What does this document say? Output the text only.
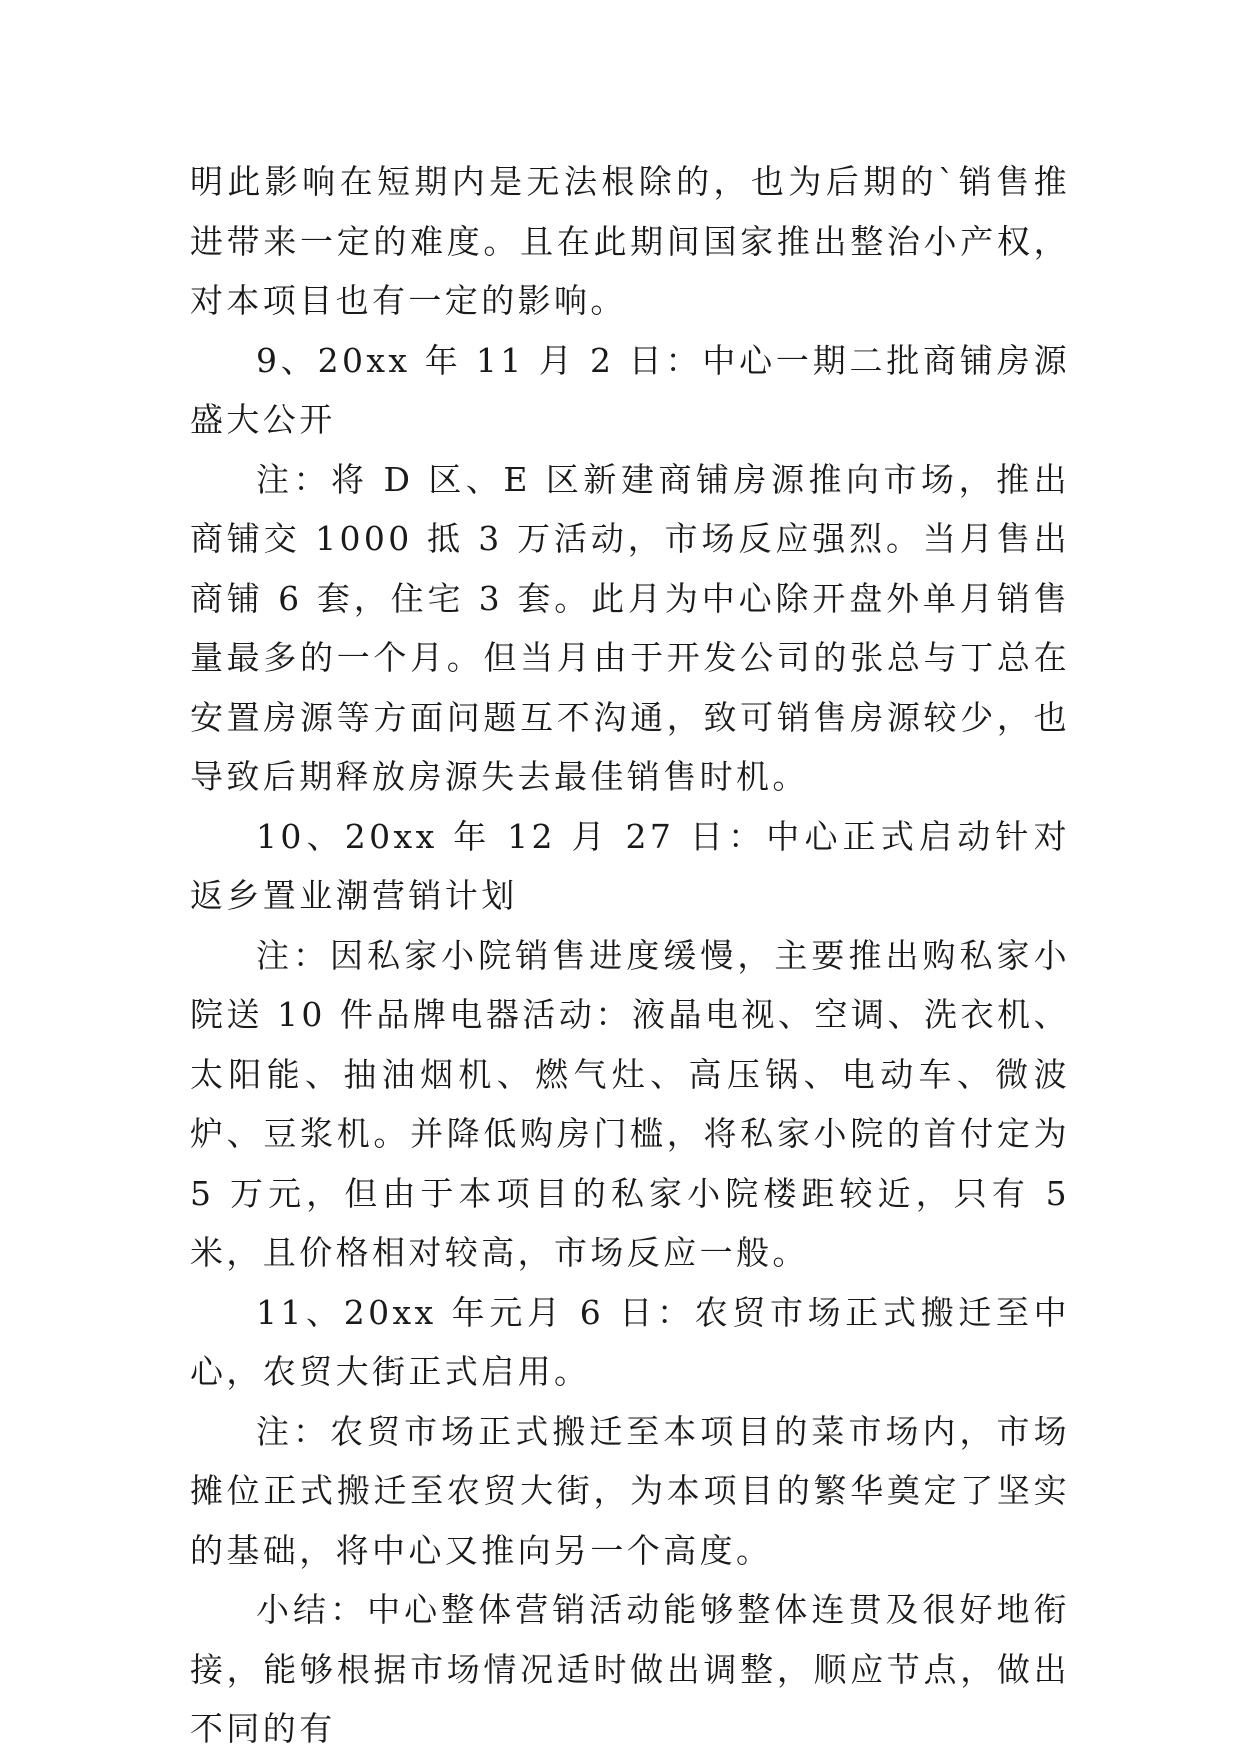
明此影响在短期内是无法根除的，也为后期的`销售推进带来一定的难度。且在此期间国家推出整治小产权，对本项目也有一定的影响。

9、20xx 年 11 月 2 日：中心一期二批商铺房源盛大公开

注：将 D 区、E 区新建商铺房源推向市场，推出商铺交 1000 抵 3 万活动，市场反应强烈。当月售出商铺 6 套，住宅 3 套。此月为中心除开盘外单月销售量最多的一个月。但当月由于开发公司的张总与丁总在安置房源等方面问题互不沟通，致可销售房源较少，也导致后期释放房源失去最佳销售时机。

10、20xx 年 12 月 27 日：中心正式启动针对返乡置业潮营销计划

注：因私家小院销售进度缓慢，主要推出购私家小院送 10 件品牌电器活动：液晶电视、空调、洗衣机、太阳能、抽油烟机、燃气灶、高压锅、电动车、微波炉、豆浆机。并降低购房门槛，将私家小院的首付定为 5 万元，但由于本项目的私家小院楼距较近，只有 5 米，且价格相对较高，市场反应一般。

11、20xx 年元月 6 日：农贸市场正式搬迁至中心，农贸大街正式启用。

注：农贸市场正式搬迁至本项目的菜市场内，市场摊位正式搬迁至农贸大街，为本项目的繁华奠定了坚实的基础，将中心又推向另一个高度。

小结：中心整体营销活动能够整体连贯及很好地衔接，能够根据市场情况适时做出调整，顺应节点，做出不同的有
